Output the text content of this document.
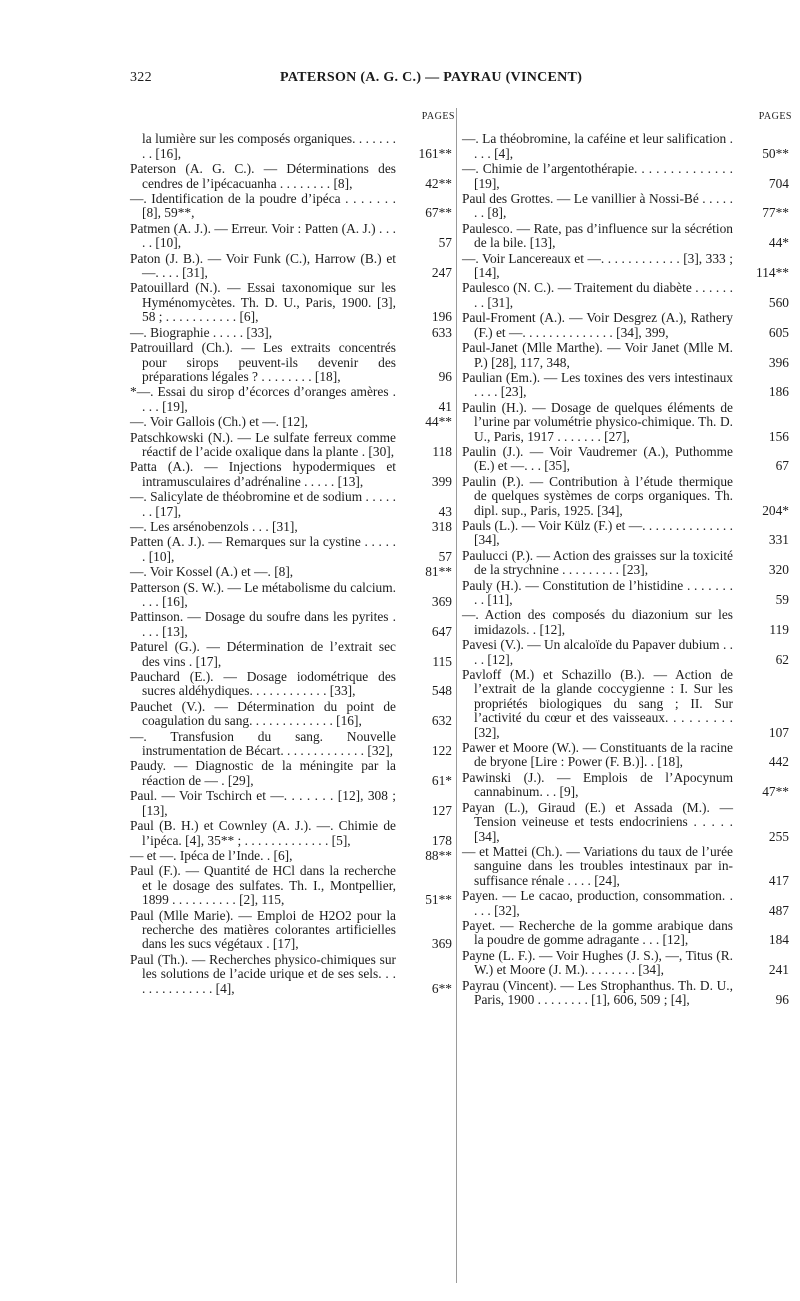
322	PATERSON (A. G. C.) — PAYRAU (VINCENT)
PAGES
la lumière sur les composés organiques. . . . . . . . . [16],	161**
Paterson (A. G. C.). — Déterminations des cendres de l’ipécacuanha . . . . . . . . [8],	42**
—. Identification de la poudre d’ipéca . . . . . . . [8], 59**,	67**
Patmen (A. J.). — Erreur. Voir : Patten (A. J.) . . . . . [10],	57
Paton (J. B.). — Voir Funk (C.), Harrow (B.) et —. . . . [31],	247
Patouillard (N.). — Essai taxonomique sur les Hyménomycètes. Th. D. U., Paris, 1900. [3], 58 ; . . . . . . . . . . . [6],	196
—. Biographie . . . . . [33],	633
Patrouillard (Ch.). — Les extraits concentrés pour sirops peuvent-ils devenir des préparations légales ? . . . . . . . . [18],	96
*—. Essai du sirop d’écorces d’oranges amères . . . . [19],	41
—. Voir Gallois (Ch.) et —. [12],	44**
Patschkowski (N.). — Le sulfate ferreux comme réactif de l’acide oxalique dans la plante . [30],	118
Patta (A.). — Injections hypodermiques et intramusculaires d’adrénaline . . . . . [13],	399
—. Salicylate de théobromine et de sodium . . . . . . . [17],	43
—. Les arsénobenzols . . . [31],	318
Patten (A. J.). — Remarques sur la cystine . . . . . . [10],	57
—. Voir Kossel (A.) et —. [8],	81**
Patterson (S. W.). — Le métabolisme du calcium. . . . [16],	369
Pattinson. — Dosage du soufre dans les pyrites . . . . [13],	647
Paturel (G.). — Détermination de l’extrait sec des vins . [17],	115
Pauchard (E.). — Dosage iodométrique des sucres aldéhydiques. . . . . . . . . . . . [33],	548
Pauchet (V.). — Détermination du point de coagulation du sang. . . . . . . . . . . . . [16],	632
—. Transfusion du sang. Nouvelle instrumentation de Bécart. . . . . . . . . . . . . [32],	122
Paudy. — Diagnostic de la méningite par la réaction de — . [29],	61*
Paul. — Voir Tschirch et —. . . . . . . [12], 308 ; [13],	127
Paul (B. H.) et Cownley (A. J.). —. Chimie de l’ipéca. [4], 35** ; . . . . . . . . . . . . . [5],	178
— et —. Ipéca de l’Inde. . [6],	88**
Paul (F.). — Quantité de HCl dans la recherche et le dosage des sulfates. Th. I., Montpellier, 1899 . . . . . . . . . . [2], 115,	51**
Paul (Mlle Marie). — Emploi de H2O2 pour la recherche des matières colorantes artificielles dans les sucs végétaux . [17],	369
Paul (Th.). — Recherches physico-chimiques sur les solutions de l’acide urique et de ses sels. . . . . . . . . . . . . . [4],	6**
PAGES
—. La théobromine, la caféine et leur salification . . . . [4],	50**
—. Chimie de l’argentothérapie. . . . . . . . . . . . . . [19],	704
Paul des Grottes. — Le vanillier à Nossi-Bé . . . . . . . [8],	77**
Paulesco. — Rate, pas d’influence sur la sécrétion de la bile. [13],	44*
—. Voir Lancereaux et —. . . . . . . . . . . . [3], 333 ; [14],	114**
Paulesco (N. C.). — Traitement du diabète . . . . . . . . [31],	560
Paul-Froment (A.). — Voir Desgrez (A.), Rathery (F.) et —. . . . . . . . . . . . . . [34], 399,	605
Paul-Janet (Mlle Marthe). — Voir Janet (Mlle M. P.) [28], 117, 348,	396
Paulian (Em.). — Les toxines des vers intestinaux . . . . [23],	186
Paulin (H.). — Dosage de quelques éléments de l’urine par volumétrie physico-chimique. Th. D. U., Paris, 1917 . . . . . . . [27],	156
Paulin (J.). — Voir Vaudremer (A.), Puthomme (E.) et —. . . [35],	67
Paulin (P.). — Contribution à l’étude thermique de quelques systèmes de corps organiques. Th. dipl. sup., Paris, 1925. [34],	204*
Pauls (L.). — Voir Külz (F.) et —. . . . . . . . . . . . . . [34],	331
Paulucci (P.). — Action des graisses sur la toxicité de la strychnine . . . . . . . . . [23],	320
Pauly (H.). — Constitution de l’histidine . . . . . . . . . [11],	59
—. Action des composés du diazonium sur les imidazols. . [12],	119
Pavesi (V.). — Un alcaloïde du Papaver dubium . . . . [12],	62
Pavloff (M.) et Schazillo (B.). — Action de l’extrait de la glande coccygienne : I. Sur les propriétés biologiques du sang ; II. Sur l’activité du cœur et des vaisseaux. . . . . . . . . [32],	107
Pawer et Moore (W.). — Constituants de la racine de bryone [Lire : Power (F. B.)]. . [18],	442
Pawinski (J.). — Emplois de l’Apocynum cannabinum. . . [9],	47**
Payan (L.), Giraud (E.) et Assada (M.). — Tension veineuse et tests endocriniens . . . . . [34],	255
— et Mattei (Ch.). — Variations du taux de l’urée sanguine dans les troubles intestinaux par insuffisance rénale . . . . [24],	417
Payen. — Le cacao, production, consommation. . . . . [32],	487
Payet. — Recherche de la gomme arabique dans la poudre de gomme adragante . . . [12],	184
Payne (L. F.). — Voir Hughes (J. S.), —, Titus (R. W.) et Moore (J. M.). . . . . . . . [34],	241
Payrau (Vincent). — Les Strophanthus. Th. D. U., Paris, 1900 . . . . . . . . [1], 606, 509 ; [4],	96
